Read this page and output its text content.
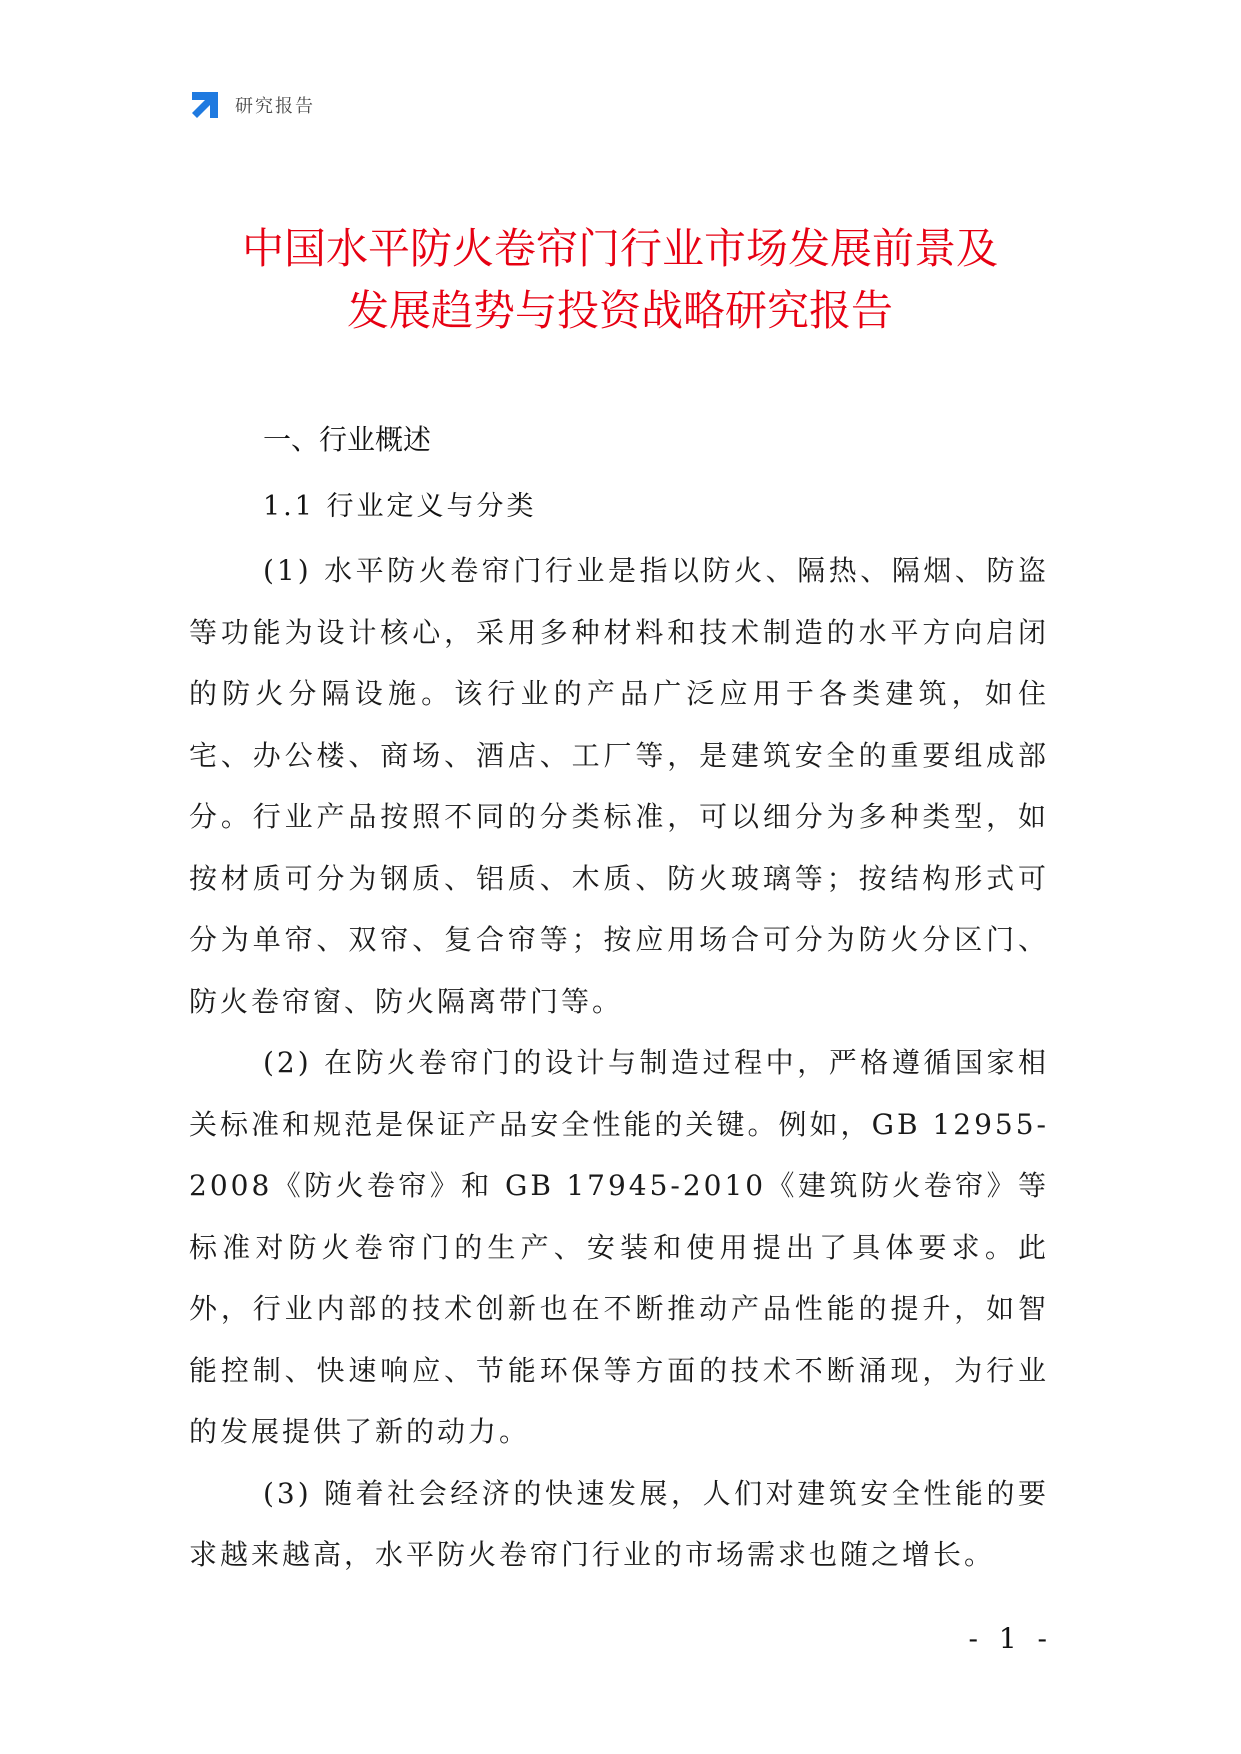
研究报告
中国水平防火卷帘门行业市场发展前景及
发展趋势与投资战略研究报告
一、行业概述
1.1 行业定义与分类

(1) 水平防火卷帘门行业是指以防火、隔热、隔烟、防盗等功能为设计核心，采用多种材料和技术制造的水平方向启闭的防火分隔设施。该行业的产品广泛应用于各类建筑，如住宅、办公楼、商场、酒店、工厂等，是建筑安全的重要组成部分。行业产品按照不同的分类标准，可以细分为多种类型，如按材质可分为钢质、铝质、木质、防火玻璃等；按结构形式可分为单帘、双帘、复合帘等；按应用场合可分为防火分区门、防火卷帘窗、防火隔离带门等。

(2) 在防火卷帘门的设计与制造过程中，严格遵循国家相关标准和规范是保证产品安全性能的关键。例如，GB 12955-2008《防火卷帘》和 GB 17945-2010《建筑防火卷帘》等标准对防火卷帘门的生产、安装和使用提出了具体要求。此外，行业内部的技术创新也在不断推动产品性能的提升，如智能控制、快速响应、节能环保等方面的技术不断涌现，为行业的发展提供了新的动力。

(3) 随着社会经济的快速发展，人们对建筑安全性能的要求越来越高，水平防火卷帘门行业的市场需求也随之增长。

- 1 -
